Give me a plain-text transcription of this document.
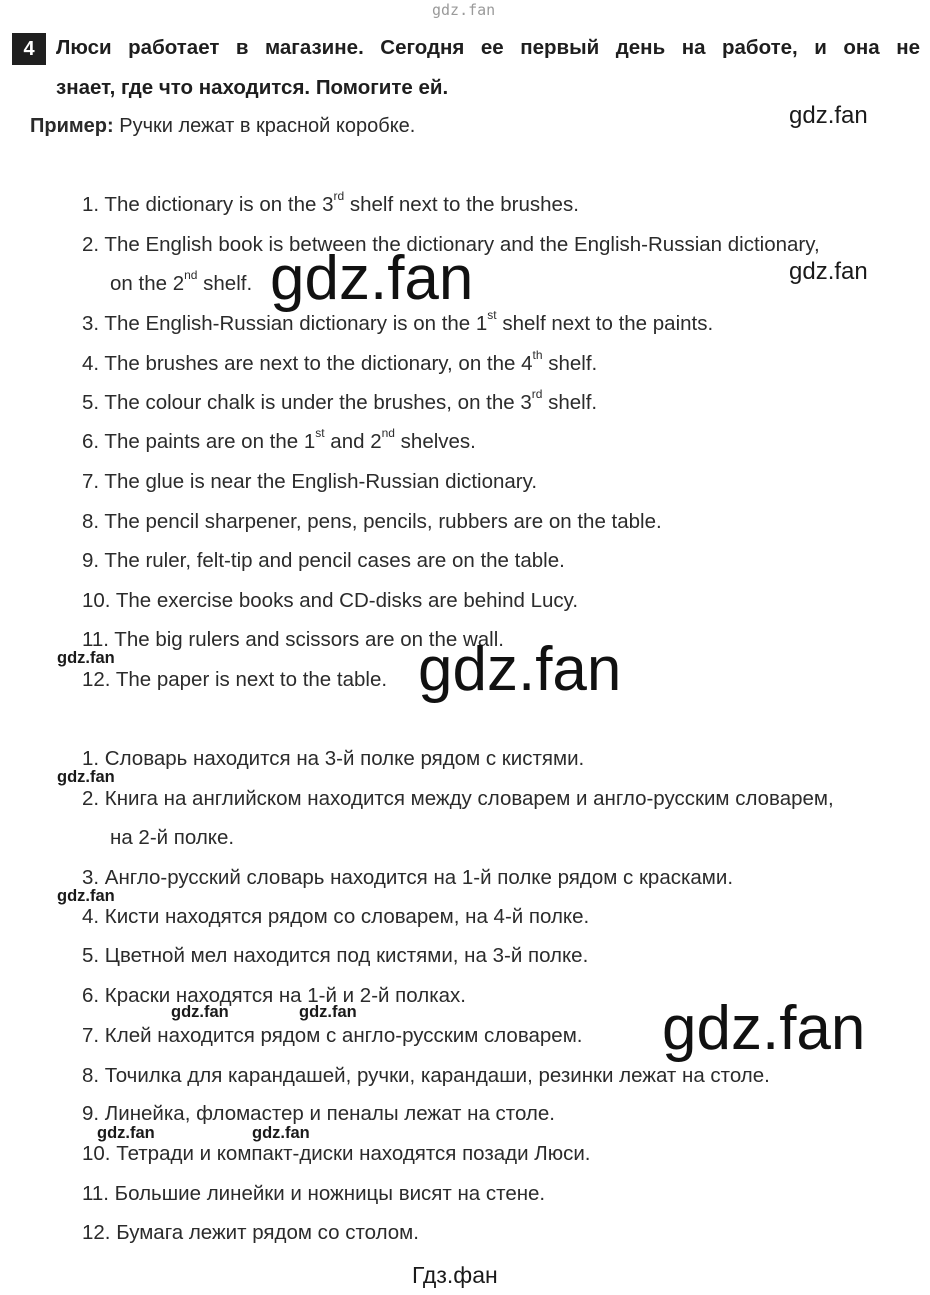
gdz.fan
4	Люси работает в магазине. Сегодня ее первый день на работе, и она не
знает, где что находится. Помогите ей.
Пример: Ручки лежат в красной коробке.
1. The dictionary is on the 3rd shelf next to the brushes.
2. The English book is between the dictionary and the English-Russian dictionary,
on the 2nd shelf.
3. The English-Russian dictionary is on the 1st shelf next to the paints.
4. The brushes are next to the dictionary, on the 4th shelf.
5. The colour chalk is under the brushes, on the 3rd shelf.
6. The paints are on the 1st and 2nd shelves.
7. The glue is near the English-Russian dictionary.
8. The pencil sharpener, pens, pencils, rubbers are on the table.
9. The ruler, felt-tip and pencil cases are on the table.
10. The exercise books and CD-disks are behind Lucy.
11. The big rulers and scissors are on the wall.
12. The paper is next to the table.
1. Словарь находится на 3-й полке рядом с кистями.
2. Книга на английском находится между словарем и англо-русским словарем,
на 2-й полке.
3. Англо-русский словарь находится на 1-й полке рядом с красками.
4. Кисти находятся рядом со словарем, на 4-й полке.
5. Цветной мел находится под кистями, на 3-й полке.
6. Краски находятся на 1-й и 2-й полках.
7. Клей находится рядом с англо-русским словарем.
8. Точилка для карандашей, ручки, карандаши, резинки лежат на столе.
9. Линейка, фломастер и пеналы лежат на столе.
10. Тетради и компакт-диски находятся позади Люси.
11. Большие линейки и ножницы висят на стене.
12. Бумага лежит рядом со столом.
gdz.fan
gdz.fan
gdz.fan
gdz.fan
gdz.fan
gdz.fan
gdz.fan
gdz.fan
gdz.fan	gdz.fan
gdz.fan	gdz.fan
Гдз.фан
